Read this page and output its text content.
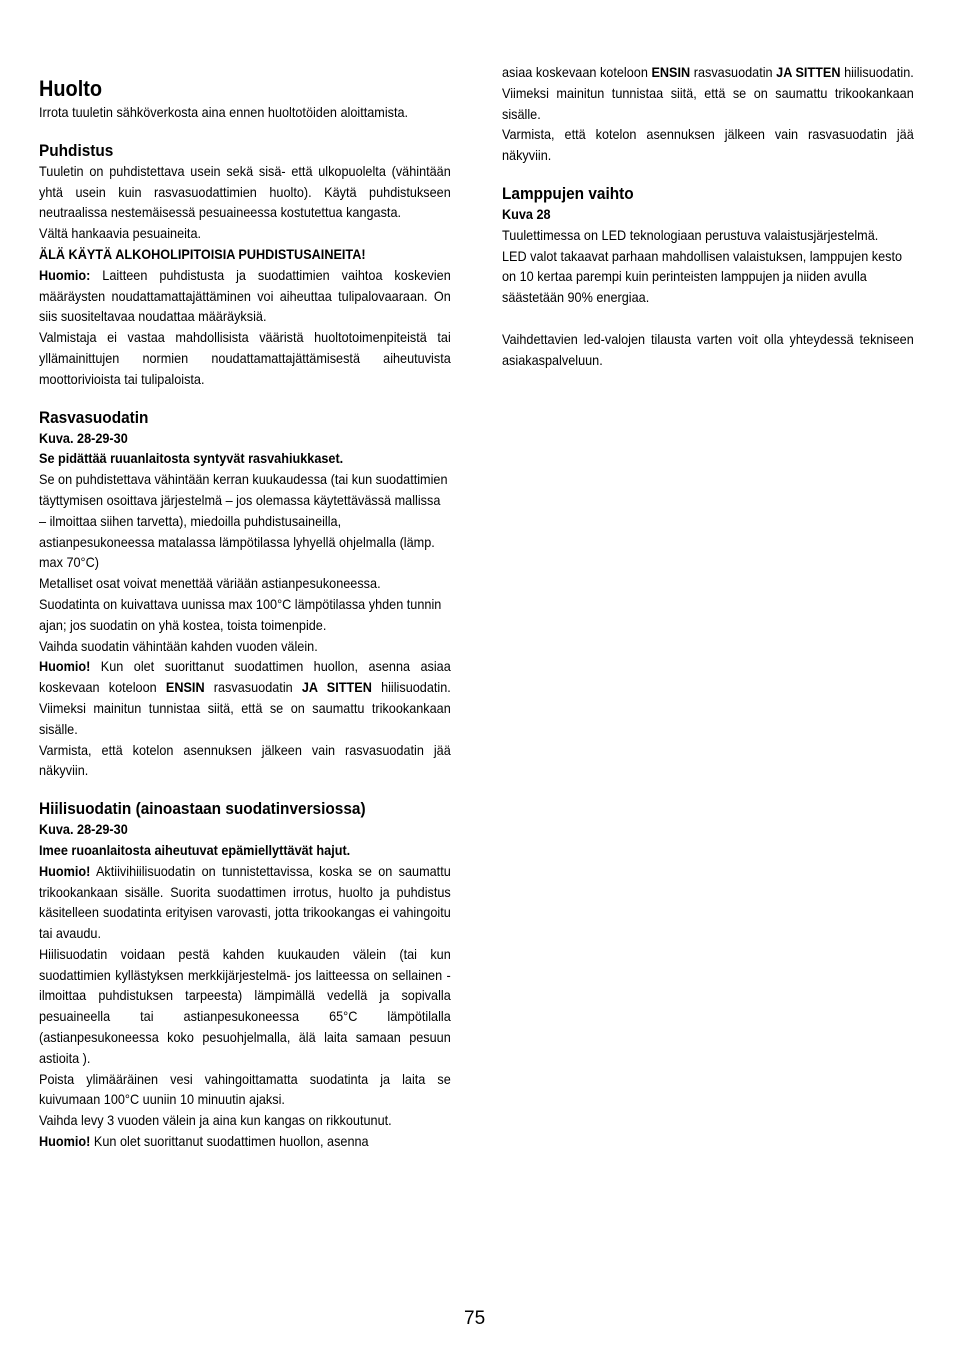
Huolto

Irrota tuuletin sähköverkosta aina ennen huoltotöiden aloittamista.

Puhdistus

Tuuletin on puhdistettava usein sekä sisä- että ulkopuolelta (vähintään yhtä usein kuin rasvasuodattimien huolto). Käytä puhdistukseen neutraalissa nestemäisessä pesuaineessa kostutettua kangasta.

Vältä hankaavia pesuaineita.

ÄLÄ KÄYTÄ ALKOHOLIPITOISIA PUHDISTUSAINEITA!

Huomio: Laitteen puhdistusta ja suodattimien vaihtoa koskevien määräysten noudattamattajättäminen voi aiheuttaa tulipalovaaraan. On siis suositeltavaa noudattaa määräyksiä.

Valmistaja ei vastaa mahdollisista vääristä huoltotoimenpiteistä tai yllämainittujen normien noudattamattajättämisestä aiheutuvista moottorivioista tai tulipaloista.

Rasvasuodatin

Kuva. 28-29-30

Se pidättää ruuanlaitosta syntyvät rasvahiukkaset.

Se on puhdistettava vähintään kerran kuukaudessa (tai kun suodattimien täyttymisen osoittava järjestelmä – jos olemassa käytettävässä mallissa – ilmoittaa siihen tarvetta), miedoilla puhdistusaineilla, astianpesukoneessa matalassa lämpötilassa lyhyellä ohjelmalla (lämp. max 70°C)

Metalliset osat voivat menettää väriään astianpesukoneessa.

Suodatinta on kuivattava uunissa max 100°C lämpötilassa yhden tunnin ajan; jos suodatin on yhä kostea, toista toimenpide.

Vaihda suodatin vähintään kahden vuoden välein.

Huomio! Kun olet suorittanut suodattimen huollon, asenna asiaa koskevaan koteloon ENSIN rasvasuodatin JA SITTEN hiilisuodatin. Viimeksi mainitun tunnistaa siitä, että se on saumattu trikookankaan sisälle.

Varmista, että kotelon asennuksen jälkeen vain rasvasuodatin jää näkyviin.

Hiilisuodatin (ainoastaan suodatinversiossa)

Kuva. 28-29-30

Imee ruoanlaitosta aiheutuvat epämiellyttävät hajut.

Huomio! Aktiivihiilisuodatin on tunnistettavissa, koska se on saumattu trikookankaan sisälle. Suorita suodattimen irrotus, huolto ja puhdistus käsitelleen suodatinta erityisen varovasti, jotta trikookangas ei vahingoitu tai avaudu.

Hiilisuodatin voidaan pestä kahden kuukauden välein (tai kun suodattimien kyllästyksen merkkijärjestelmä- jos laitteessa on sellainen - ilmoittaa puhdistuksen tarpeesta) lämpimällä vedellä ja sopivalla pesuaineella tai astianpesukoneessa 65°C lämpötilalla (astianpesukoneessa koko pesuohjelmalla, älä laita samaan pesuun astioita ).

Poista ylimääräinen vesi vahingoittamatta suodatinta ja laita se kuivumaan 100°C uuniin 10 minuutin ajaksi.

Vaihda levy 3 vuoden välein ja aina kun kangas on rikkoutunut.

Huomio! Kun olet suorittanut suodattimen huollon, asenna

asiaa koskevaan koteloon ENSIN rasvasuodatin JA SITTEN hiilisuodatin. Viimeksi mainitun tunnistaa siitä, että se on saumattu trikookankaan sisälle.

Varmista, että kotelon asennuksen jälkeen vain rasvasuodatin jää näkyviin.

Lamppujen vaihto

Kuva 28

Tuulettimessa on LED teknologiaan perustuva valaistusjärjestelmä.

LED valot takaavat parhaan mahdollisen valaistuksen, lamppujen kesto on 10 kertaa parempi kuin perinteisten lamppujen ja niiden avulla säästetään 90% energiaa.

Vaihdettavien led-valojen tilausta varten voit olla yhteydessä tekniseen asiakaspalveluun.

75
